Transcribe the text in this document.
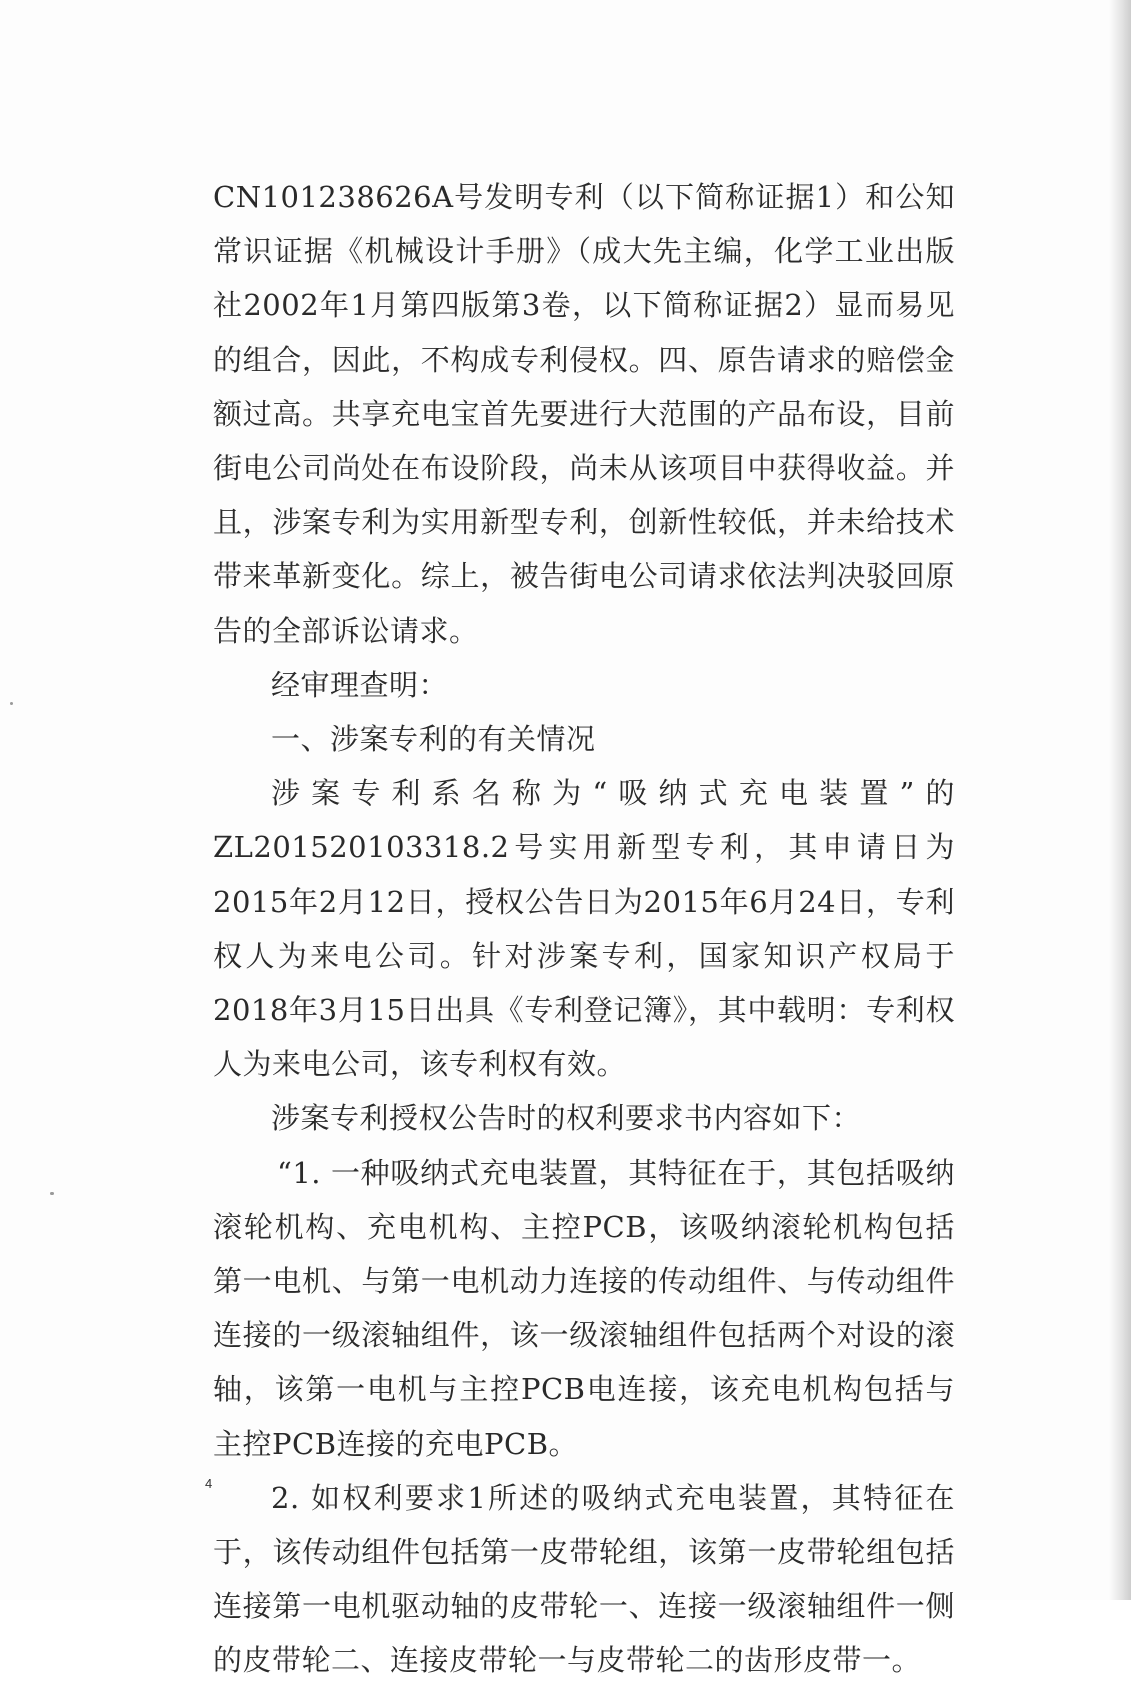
CN101238626A号发明专利（以下简称证据1）和公知常识证据《机械设计手册》（成大先主编，化学工业出版社2002年1月第四版第3卷，以下简称证据2）显而易见的组合，因此，不构成专利侵权。四、原告请求的赔偿金额过高。共享充电宝首先要进行大范围的产品布设，目前街电公司尚处在布设阶段，尚未从该项目中获得收益。并且，涉案专利为实用新型专利，创新性较低，并未给技术带来革新变化。综上，被告街电公司请求依法判决驳回原告的全部诉讼请求。

经审理查明：

一、涉案专利的有关情况

涉案专利系名称为“吸纳式充电装置”的ZL201520103318.2号实用新型专利，其申请日为2015年2月12日，授权公告日为2015年6月24日，专利权人为来电公司。针对涉案专利，国家知识产权局于2018年3月15日出具《专利登记簿》，其中载明：专利权人为来电公司，该专利权有效。

涉案专利授权公告时的权利要求书内容如下：

“1. 一种吸纳式充电装置，其特征在于，其包括吸纳滚轮机构、充电机构、主控PCB，该吸纳滚轮机构包括第一电机、与第一电机动力连接的传动组件、与传动组件连接的一级滚轴组件，该一级滚轴组件包括两个对设的滚轴，该第一电机与主控PCB电连接，该充电机构包括与主控PCB连接的充电PCB。

2. 如权利要求1所述的吸纳式充电装置，其特征在于，该传动组件包括第一皮带轮组，该第一皮带轮组包括连接第一电机驱动轴的皮带轮一、连接一级滚轴组件一侧的皮带轮二、连接皮带轮一与皮带轮二的齿形皮带一。

4
